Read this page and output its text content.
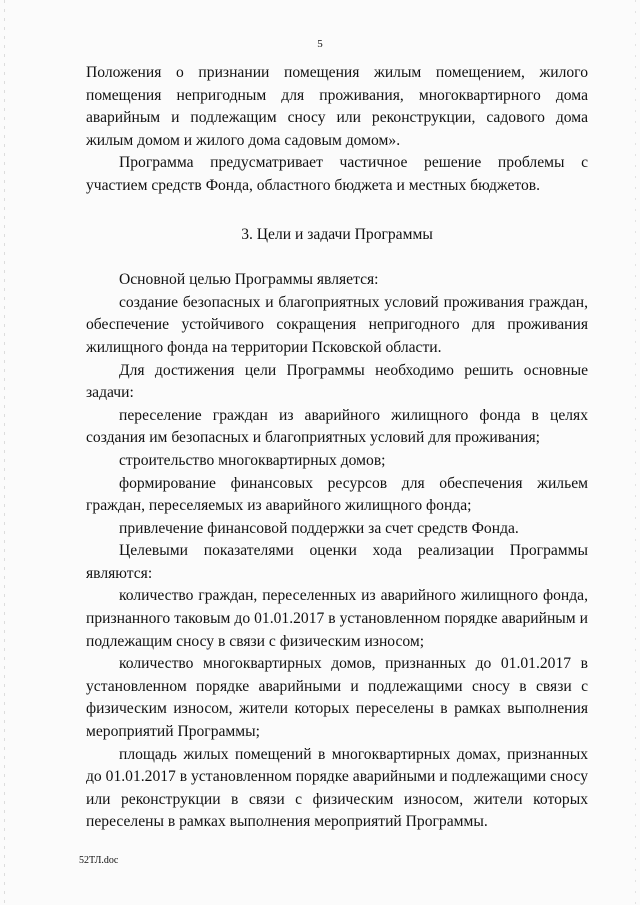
5

Положения о признании помещения жилым помещением, жилого помещения непригодным для проживания, многоквартирного дома аварийным и подлежащим сносу или реконструкции, садового дома жилым домом и жилого дома садовым домом».

Программа предусматривает частичное решение проблемы с участием средств Фонда, областного бюджета и местных бюджетов.

3. Цели и задачи Программы

Основной целью Программы является:

создание безопасных и благоприятных условий проживания граждан, обеспечение устойчивого сокращения непригодного для проживания жилищного фонда на территории Псковской области.

Для достижения цели Программы необходимо решить основные задачи:

переселение граждан из аварийного жилищного фонда в целях создания им безопасных и благоприятных условий для проживания;

строительство многоквартирных домов;

формирование финансовых ресурсов для обеспечения жильем граждан, переселяемых из аварийного жилищного фонда;

привлечение финансовой поддержки за счет средств Фонда.

Целевыми показателями оценки хода реализации Программы являются:

количество граждан, переселенных из аварийного жилищного фонда, признанного таковым до 01.01.2017 в установленном порядке аварийным и подлежащим сносу в связи с физическим износом;

количество многоквартирных домов, признанных до 01.01.2017 в установленном порядке аварийными и подлежащими сносу в связи с физическим износом, жители которых переселены в рамках выполнения мероприятий Программы;

площадь жилых помещений в многоквартирных домах, признанных до 01.01.2017 в установленном порядке аварийными и подлежащими сносу или реконструкции в связи с физическим износом, жители которых переселены в рамках выполнения мероприятий Программы.

52ТЛ.doc
